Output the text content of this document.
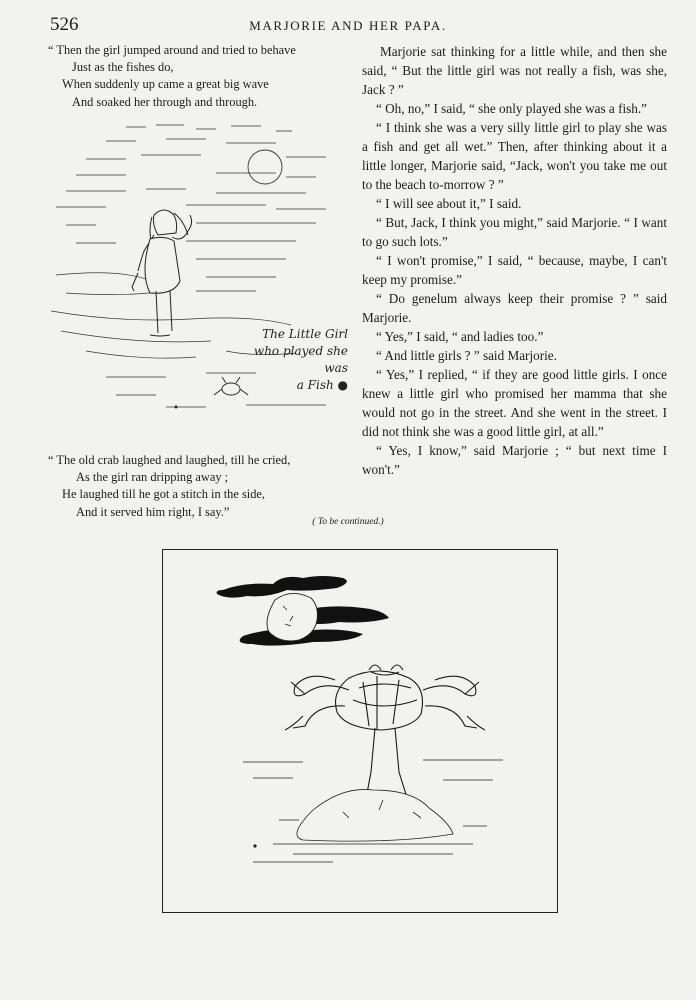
526	MARJORIE AND HER PAPA.
“ Then the girl jumped around and tried to behave
Just as the fishes do,
When suddenly up came a great big wave
And soaked her through and through.
The Little Girl
who played she was
a Fish ●
“ The old crab laughed and laughed, till he cried,
As the girl ran dripping away ;
He laughed till he got a stitch in the side,
And it served him right, I say.”

Marjorie sat thinking for a little while, and then she said, “ But the little girl was not really a fish, was she, Jack ? ”

“ Oh, no,” I said, “ she only played she was a fish.”

“ I think she was a very silly little girl to play she was a fish and get all wet.” Then, after thinking about it a little longer, Marjorie said, “Jack, won't you take me out to the beach to-morrow ? ”

“ I will see about it,” I said.

“ But, Jack, I think you might,” said Marjorie. “ I want to go such lots.”

“ I won't promise,” I said, “ because, maybe, I can't keep my promise.”

“ Do genelum always keep their promise ? ” said Marjorie.

“ Yes,” I said, “ and ladies too.”

“ And little girls ? ” said Marjorie.

“ Yes,” I replied, “ if they are good little girls. I once knew a little girl who promised her mamma that she would not go in the street. And she went in the street. I did not think she was a good little girl, at all.”

“ Yes, I know,” said Marjorie ; “ but next time I won't.”

( To be continued.)
